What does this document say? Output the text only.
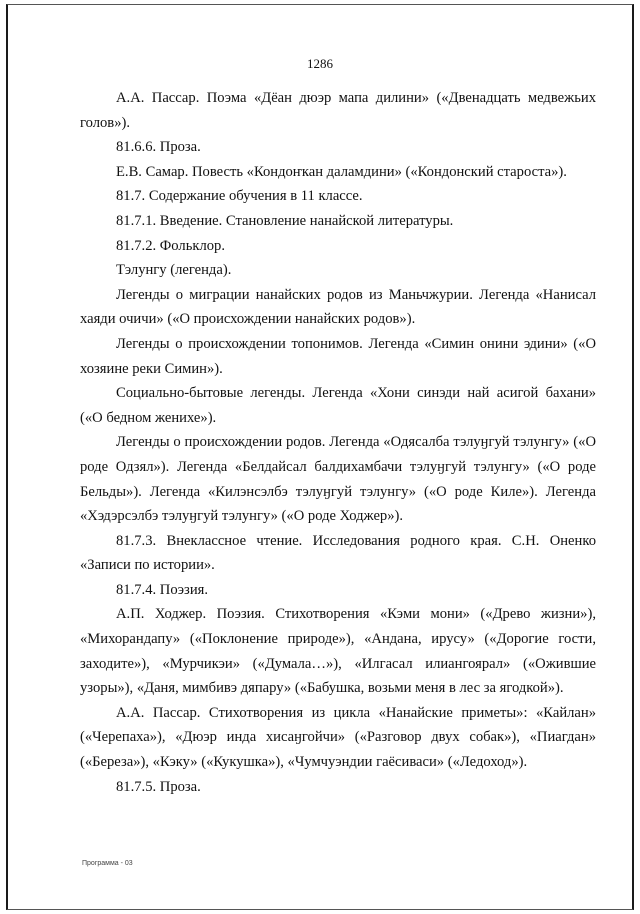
1286

А.А. Пассар. Поэма «Дёан дюэр мапа дилини» («Двенадцать медвежьих голов»).

81.6.6. Проза.

Е.В. Самар. Повесть «Кондоҥкан даламдини» («Кондонский староста»).

81.7. Содержание обучения в 11 классе.

81.7.1. Введение. Становление нанайской литературы.

81.7.2. Фольклор.

Тэлунгу (легенда).

Легенды о миграции нанайских родов из Маньчжурии. Легенда «Нанисал хаяди очичи» («О происхождении нанайских родов»).

Легенды о происхождении топонимов. Легенда «Симин онини эдини» («О хозяине реки Симин»).

Социально-бытовые легенды. Легенда «Хони синэди най асигой бахани» («О бедном женихе»).

Легенды о происхождении родов. Легенда «Одясалба тэлуӈгуй тэлунгу» («О роде Одзял»). Легенда «Белдайсал балдихамбачи тэлуӈгуй тэлунгу» («О роде Бельды»). Легенда «Килэнсэлбэ тэлуӈгуй тэлунгу» («О роде Киле»). Легенда «Хэдэрсэлбэ тэлуӈгуй тэлунгу» («О роде Ходжер»).

81.7.3. Внеклассное чтение. Исследования родного края. С.Н. Оненко «Записи по истории».

81.7.4. Поэзия.

А.П. Ходжер. Поэзия. Стихотворения «Кэми мони» («Древо жизни»), «Михорандапу» («Поклонение природе»), «Андана, ирусу» («Дорогие гости, заходите»), «Мурчикэи» («Думала…»), «Илгасал илиангоярал» («Ожившие узоры»), «Даня, мимбивэ дяпару» («Бабушка, возьми меня в лес за ягодкой»).

А.А. Пассар. Стихотворения из цикла «Нанайские приметы»: «Кайлан» («Черепаха»), «Дюэр инда хисаӈгойчи» («Разговор двух собак»), «Пиагдан» («Береза»), «Кэку» («Кукушка»), «Чумчуэндии гаёсиваси» («Ледоход»).

81.7.5. Проза.

Программа - 03
